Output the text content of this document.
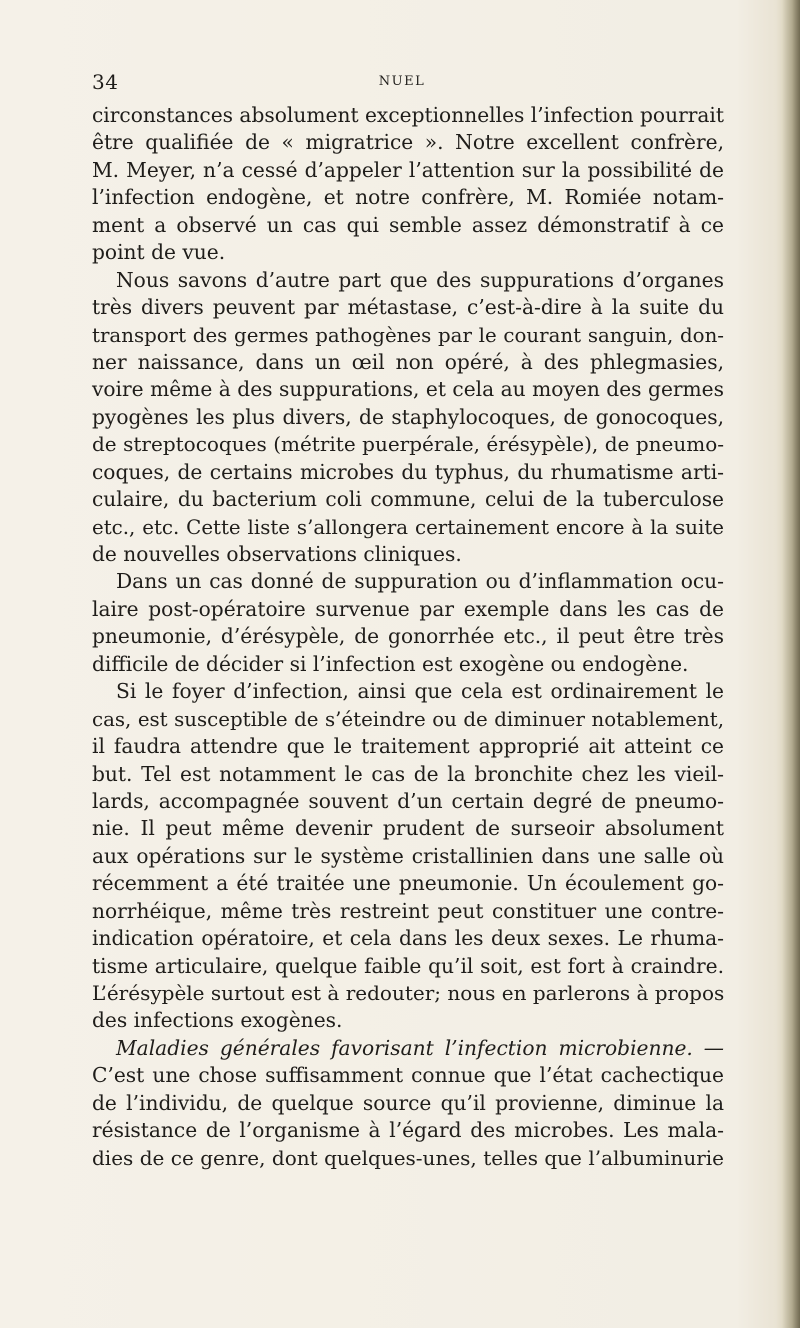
34	NUEL
circonstances absolument exceptionnelles l’infection pourrait
être qualifiée de « migratrice ». Notre excellent confrère,
M. Meyer, n’a cessé d’appeler l’attention sur la possibilité de
l’infection endogène, et notre confrère, M. Romiée notam-
ment a observé un cas qui semble assez démonstratif à ce
point de vue.
Nous savons d’autre part que des suppurations d’organes
très divers peuvent par métastase, c’est-à-dire à la suite du
transport des germes pathogènes par le courant sanguin, don-
ner naissance, dans un œil non opéré, à des phlegmasies,
voire même à des suppurations, et cela au moyen des germes
pyogènes les plus divers, de staphylocoques, de gonocoques,
de streptocoques (métrite puerpérale, érésypèle), de pneumo-
coques, de certains microbes du typhus, du rhumatisme arti-
culaire, du bacterium coli commune, celui de la tuberculose
etc., etc. Cette liste s’allongera certainement encore à la suite
de nouvelles observations cliniques.
Dans un cas donné de suppuration ou d’inflammation ocu-
laire post-opératoire survenue par exemple dans les cas de
pneumonie, d’érésypèle, de gonorrhée etc., il peut être très
difficile de décider si l’infection est exogène ou endogène.
Si le foyer d’infection, ainsi que cela est ordinairement le
cas, est susceptible de s’éteindre ou de diminuer notablement,
il faudra attendre que le traitement approprié ait atteint ce
but. Tel est notamment le cas de la bronchite chez les vieil-
lards, accompagnée souvent d’un certain degré de pneumo-
nie. Il peut même devenir prudent de surseoir absolument
aux opérations sur le système cristallinien dans une salle où
récemment a été traitée une pneumonie. Un écoulement go-
norrhéique, même très restreint peut constituer une contre-
indication opératoire, et cela dans les deux sexes. Le rhuma-
tisme articulaire, quelque faible qu’il soit, est fort à craindre.
L’érésypèle surtout est à redouter; nous en parlerons à propos
des infections exogènes.
Maladies générales favorisant l’infection microbienne. —
C’est une chose suffisamment connue que l’état cachectique
de l’individu, de quelque source qu’il provienne, diminue la
résistance de l’organisme à l’égard des microbes. Les mala-
dies de ce genre, dont quelques-unes, telles que l’albuminurie
